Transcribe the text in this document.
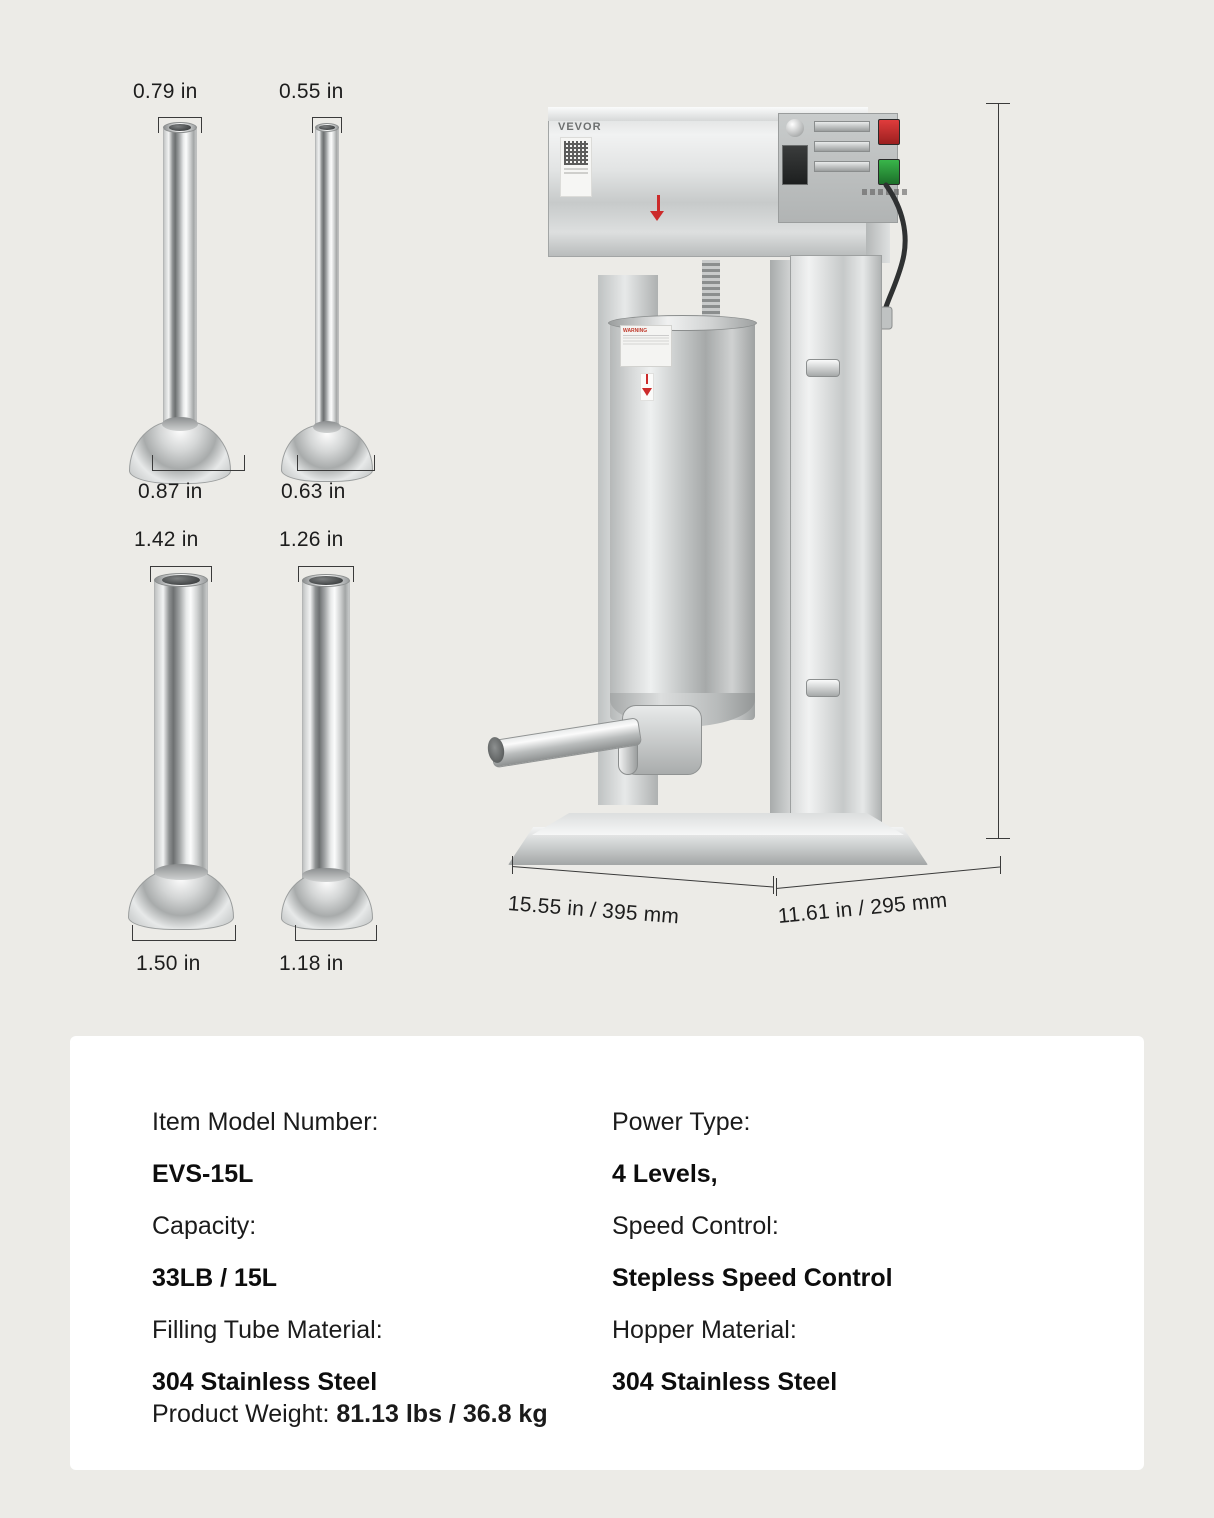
0.79 in
0.87 in
0.55 in
0.63 in
1.42 in
1.50 in
1.26 in
1.18 in
WARNING
VEVOR
15.55 in / 395 mm	11.61 in / 295 mm
Item Model Number:
EVS-15L
Capacity:
33LB / 15L
Filling Tube Material:
304 Stainless Steel
Power Type:
4 Levels,
Speed Control:
Stepless Speed Control
Hopper Material:
304 Stainless Steel
Product Weight: 81.13 lbs / 36.8 kg
